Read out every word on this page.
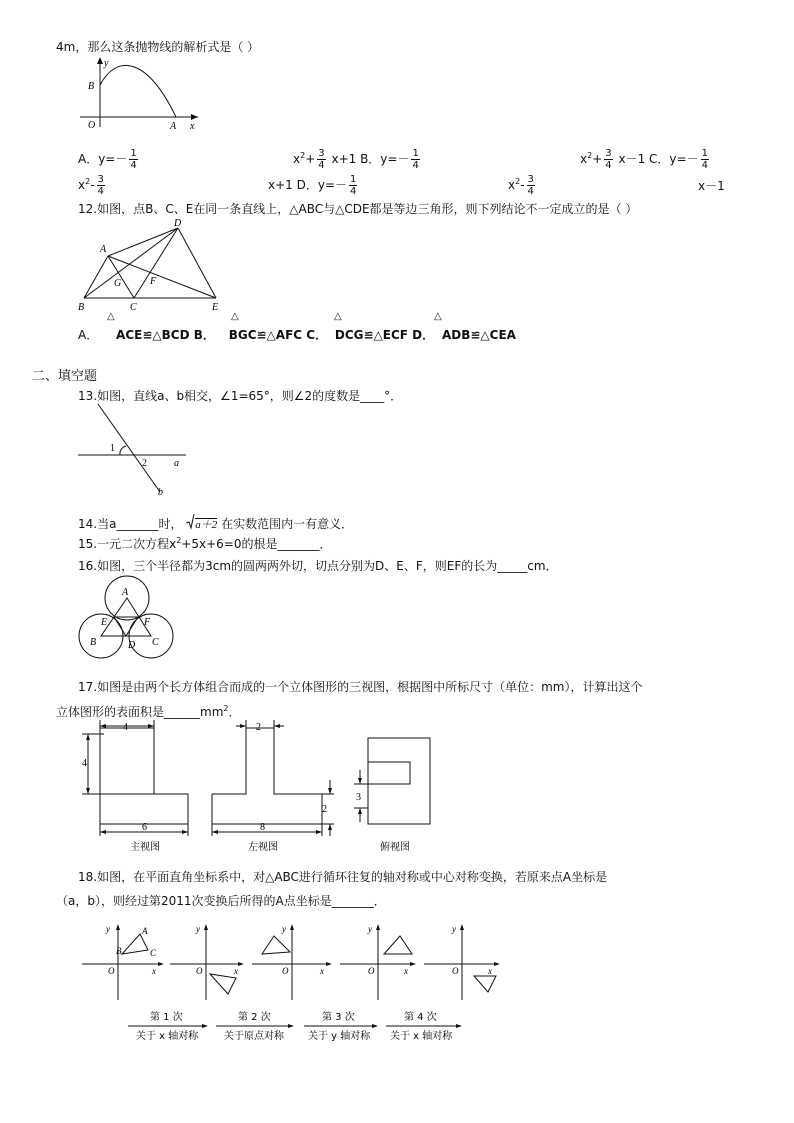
4m，那么这条抛物线的解析式是（ ）
y
B
O	A x
A．$y=- \frac{1}{4}$	$x^2+ \frac{3}{4} x+1$ B．$y=- \frac{1}{4}$	$x^2+ \frac{3}{4} x-1$ C．$y=- \frac{1}{4}$
$x^2- \frac{3}{4}$	x+1 D．$y=- \frac{1}{4}$	$x^2- \frac{3}{4}$	x－1
12.如图，点B、C、E在同一条直线上，△ABC与△CDE都是等边三角形，则下列结论不一定成立的是（ ）
A
D
G	F
B	C	E
△	△	△	△
A． ACE≌△BCD B． BGC≌△AFC C． DCG≌△ECF D． ADB≌△CEA
二、填空题
13.如图，直线a、b相交，∠1=65°，则∠2的度数是____°．
1
2	a
b
14.当a_______时， a＋2 在实数范围内一有意义．
15.一元二次方程$x^2+5x+6=0$的根是_______．
16.如图，三个半径都为3cm的圆两两外切，切点分别为D、E、F，则EF的长为_____cm．
A
E	F
B	C
D
17.如图是由两个长方体组合而成的一个立体图形的三视图，根据图中所标尺寸（单位：mm），计算出这个
立体图形的表面积是$\_\_\_\_\_\_mm^2$．
4
4
6
2
2
8
3
主视图	左视图	俯视图
18.如图，在平面直角坐标系中，对△ABC进行循环往复的轴对称或中心对称变换，若原来点A坐标是
（a，b），则经过第2011次变换后所得的A点坐标是_______．
y	A
B	C
O	x
y
O	x
y
O	x
y
O	x
y
O	x
第 1 次
关于 x 轴对称
第 2 次
关于原点对称
第 3 次
关于 y 轴对称
第 4 次
关于 x 轴对称
